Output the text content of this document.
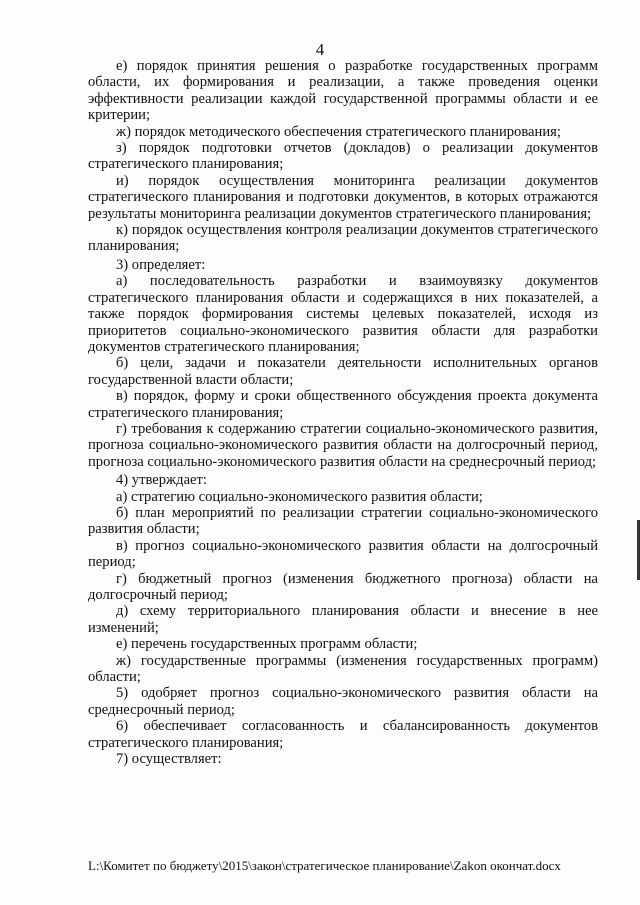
4

е) порядок принятия решения о разработке государственных программ области, их формирования и реализации, а также проведения оценки эффективности реализации каждой государственной программы области и ее критерии;

ж) порядок методического обеспечения стратегического планирования;

з) порядок подготовки отчетов (докладов) о реализации документов стратегического планирования;

и) порядок осуществления мониторинга реализации документов стратегического планирования и подготовки документов, в которых отражаются результаты мониторинга реализации документов стратегического планирования;

к) порядок осуществления контроля реализации документов стратегического планирования;

3) определяет:

а) последовательность разработки и взаимоувязку документов стратегического планирования области и содержащихся в них показателей, а также порядок формирования системы целевых показателей, исходя из приоритетов социально-экономического развития области для разработки документов стратегического планирования;

б) цели, задачи и показатели деятельности исполнительных органов государственной власти области;

в) порядок, форму и сроки общественного обсуждения проекта документа стратегического планирования;

г) требования к содержанию стратегии социально-экономического развития, прогноза социально-экономического развития области на долгосрочный период, прогноза социально-экономического развития области на среднесрочный период;

4) утверждает:

а) стратегию социально-экономического развития области;

б) план мероприятий по реализации стратегии социально-экономического развития области;

в) прогноз социально-экономического развития области на долгосрочный период;

г) бюджетный прогноз (изменения бюджетного прогноза) области на долгосрочный период;

д) схему территориального планирования области и внесение в нее изменений;

е) перечень государственных программ области;

ж) государственные программы (изменения государственных программ) области;

5) одобряет прогноз социально-экономического развития области на среднесрочный период;

6) обеспечивает согласованность и сбалансированность документов стратегического планирования;

7) осуществляет:

L:\Комитет по бюджету\2015\закон\стратегическое планирование\Zakon окончат.docx
